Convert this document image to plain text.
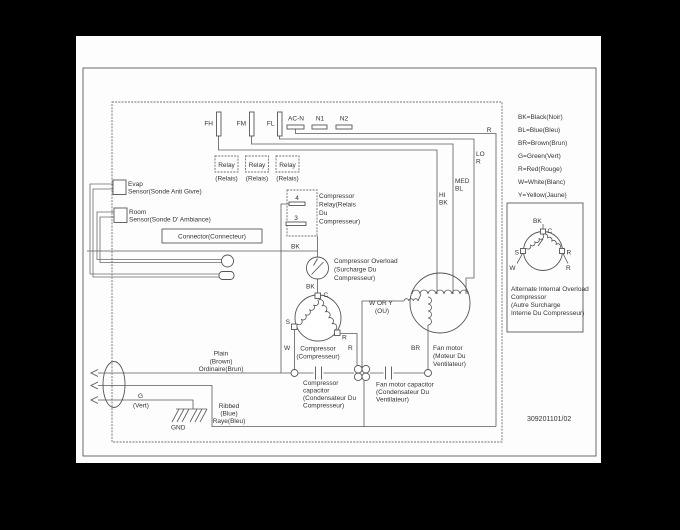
FH	FM	FL
AC-N N1 N2
R
LO
R
MED
BL
HI
BK
Relay
(Relais)
Relay
(Relais)
Relay
(Relais)
4
3
Compressor
Relay(Relais
Du
Compresseur)
BK
Compressor Overload
(Surcharge Du
Compresseur)
BK
C
S
R
Compressor
(Compresseur)
W	R
Compressor
capacitor
(Condensateur Du
Compresseur)
Fan motor capacitor
(Condensateur Du
Ventilateur)
W OR Y
(OU)
BR Fan motor
(Moteur Du
Ventilateur)
Evap
Sensor(Sonde Anti Givre)
Room
Sensor(Sonde D' Ambiance)
Connector(Connecteur)
Plain
(Brown)
Ordinaire(Brun)
G
(Vert)
GND
Ribbed
(Blue)
Raye(Bleu)
BK=Black(Noir)
BL=Blue(Bleu)
BR=Brown(Brun)
G=Green(Vert)
R=Red(Rouge)
W=White(Blanc)
Y=Yellow(Jaune)
BK
C
S	R
W	R
Alternate Internal Overload
Compressor
(Autre Surcharge
Interne Du Compresseur)
309201101/02
